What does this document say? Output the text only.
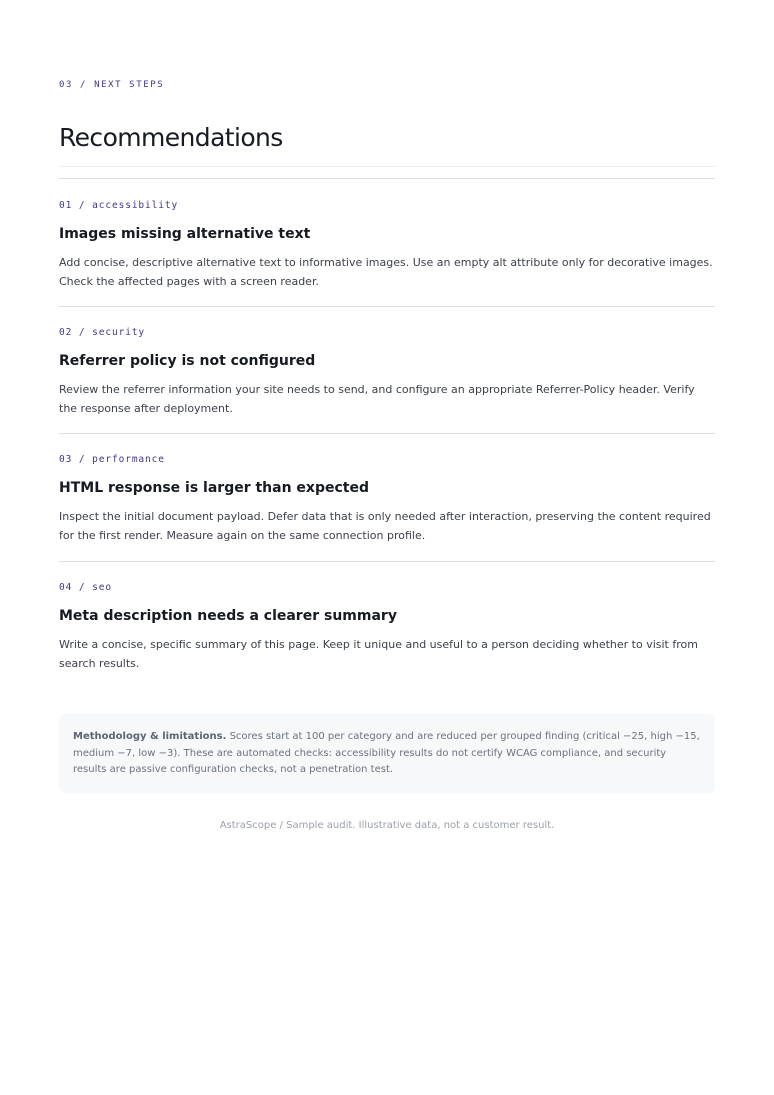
03 / NEXT STEPS
Recommendations
01 / accessibility
Images missing alternative text

Add concise, descriptive alternative text to informative images. Use an empty alt attribute only for decorative images. Check the affected pages with a screen reader.

02 / security
Referrer policy is not configured

Review the referrer information your site needs to send, and configure an appropriate Referrer-Policy header. Verify the response after deployment.

03 / performance
HTML response is larger than expected

Inspect the initial document payload. Defer data that is only needed after interaction, preserving the content required for the first render. Measure again on the same connection profile.

04 / seo
Meta description needs a clearer summary

Write a concise, specific summary of this page. Keep it unique and useful to a person deciding whether to visit from search results.

Methodology & limitations. Scores start at 100 per category and are reduced per grouped finding (critical −25, high −15, medium −7, low −3). These are automated checks: accessibility results do not certify WCAG compliance, and security results are passive configuration checks, not a penetration test.

AstraScope / Sample audit. Illustrative data, not a customer result.
